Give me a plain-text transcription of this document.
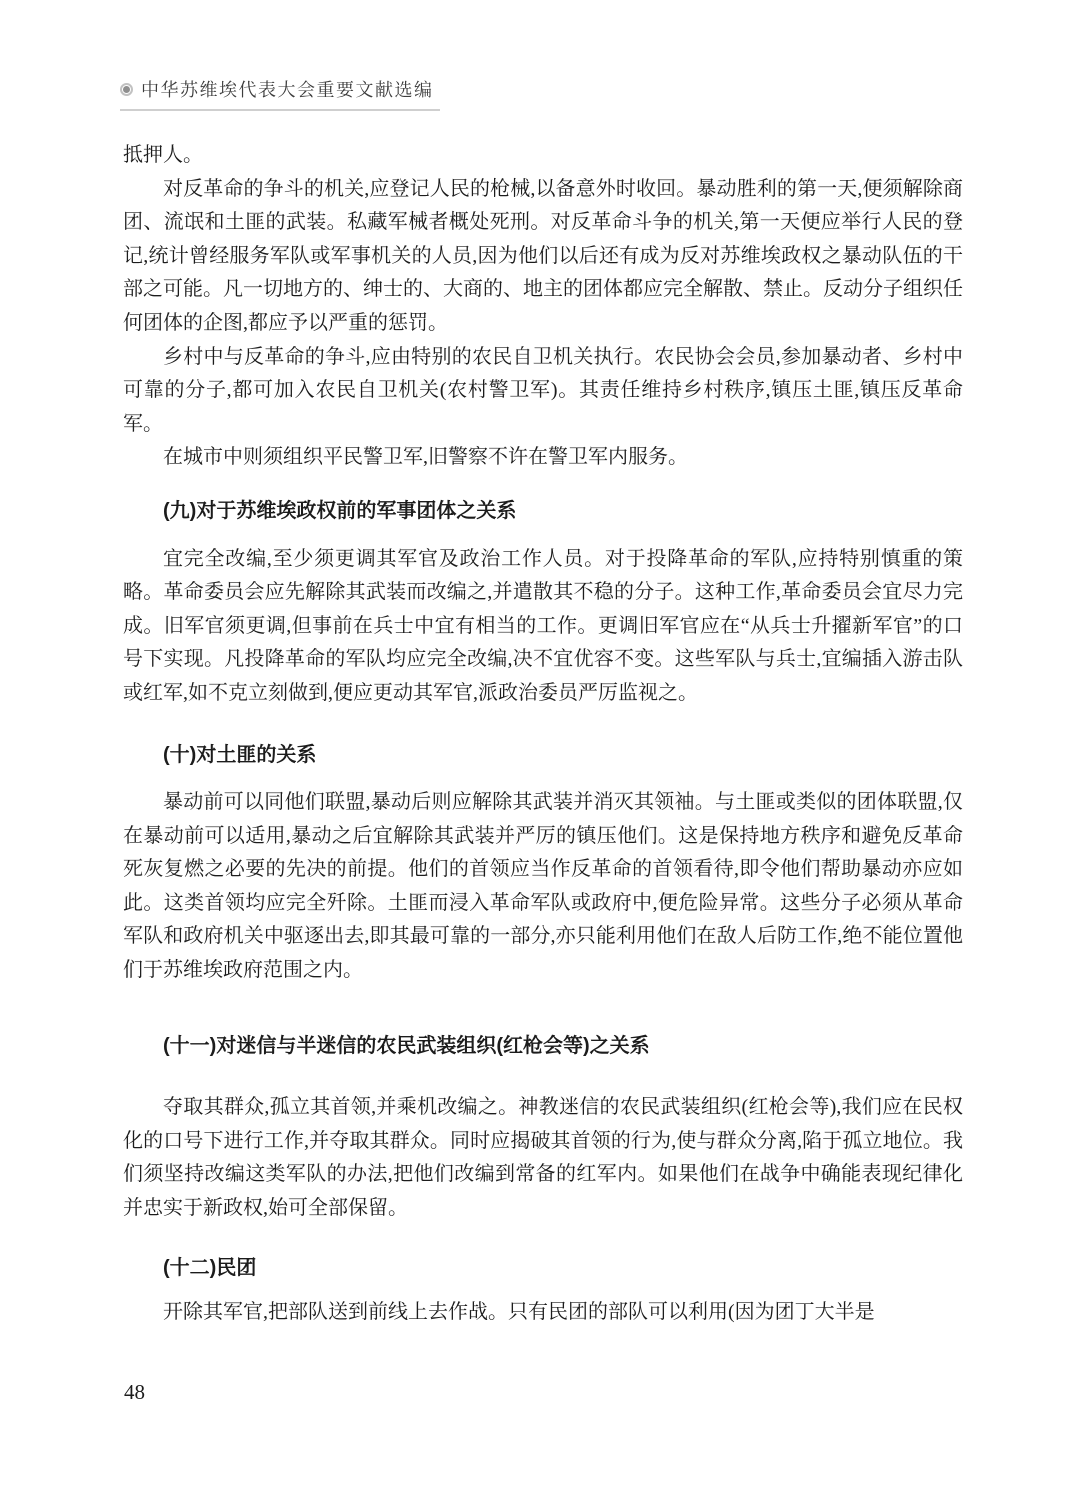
中华苏维埃代表大会重要文献选编

抵押人。

对反革命的争斗的机关,应登记人民的枪械,以备意外时收回。暴动胜利的第一天,便须解除商团、流氓和土匪的武装。私藏军械者概处死刑。对反革命斗争的机关,第一天便应举行人民的登记,统计曾经服务军队或军事机关的人员,因为他们以后还有成为反对苏维埃政权之暴动队伍的干部之可能。凡一切地方的、绅士的、大商的、地主的团体都应完全解散、禁止。反动分子组织任何团体的企图,都应予以严重的惩罚。

乡村中与反革命的争斗,应由特别的农民自卫机关执行。农民协会会员,参加暴动者、乡村中可靠的分子,都可加入农民自卫机关(农村警卫军)。其责任维持乡村秩序,镇压土匪,镇压反革命军。

在城市中则须组织平民警卫军,旧警察不许在警卫军内服务。

(九)对于苏维埃政权前的军事团体之关系

宜完全改编,至少须更调其军官及政治工作人员。对于投降革命的军队,应持特别慎重的策略。革命委员会应先解除其武装而改编之,并遣散其不稳的分子。这种工作,革命委员会宜尽力完成。旧军官须更调,但事前在兵士中宜有相当的工作。更调旧军官应在“从兵士升擢新军官”的口号下实现。凡投降革命的军队均应完全改编,决不宜优容不变。这些军队与兵士,宜编插入游击队或红军,如不克立刻做到,便应更动其军官,派政治委员严厉监视之。

(十)对土匪的关系

暴动前可以同他们联盟,暴动后则应解除其武装并消灭其领袖。与土匪或类似的团体联盟,仅在暴动前可以适用,暴动之后宜解除其武装并严厉的镇压他们。这是保持地方秩序和避免反革命死灰复燃之必要的先决的前提。他们的首领应当作反革命的首领看待,即令他们帮助暴动亦应如此。这类首领均应完全歼除。土匪而浸入革命军队或政府中,便危险异常。这些分子必须从革命军队和政府机关中驱逐出去,即其最可靠的一部分,亦只能利用他们在敌人后防工作,绝不能位置他们于苏维埃政府范围之内。

(十一)对迷信与半迷信的农民武装组织(红枪会等)之关系

夺取其群众,孤立其首领,并乘机改编之。神教迷信的农民武装组织(红枪会等),我们应在民权化的口号下进行工作,并夺取其群众。同时应揭破其首领的行为,使与群众分离,陷于孤立地位。我们须坚持改编这类军队的办法,把他们改编到常备的红军内。如果他们在战争中确能表现纪律化并忠实于新政权,始可全部保留。

(十二)民团

开除其军官,把部队送到前线上去作战。只有民团的部队可以利用(因为团丁大半是

48
